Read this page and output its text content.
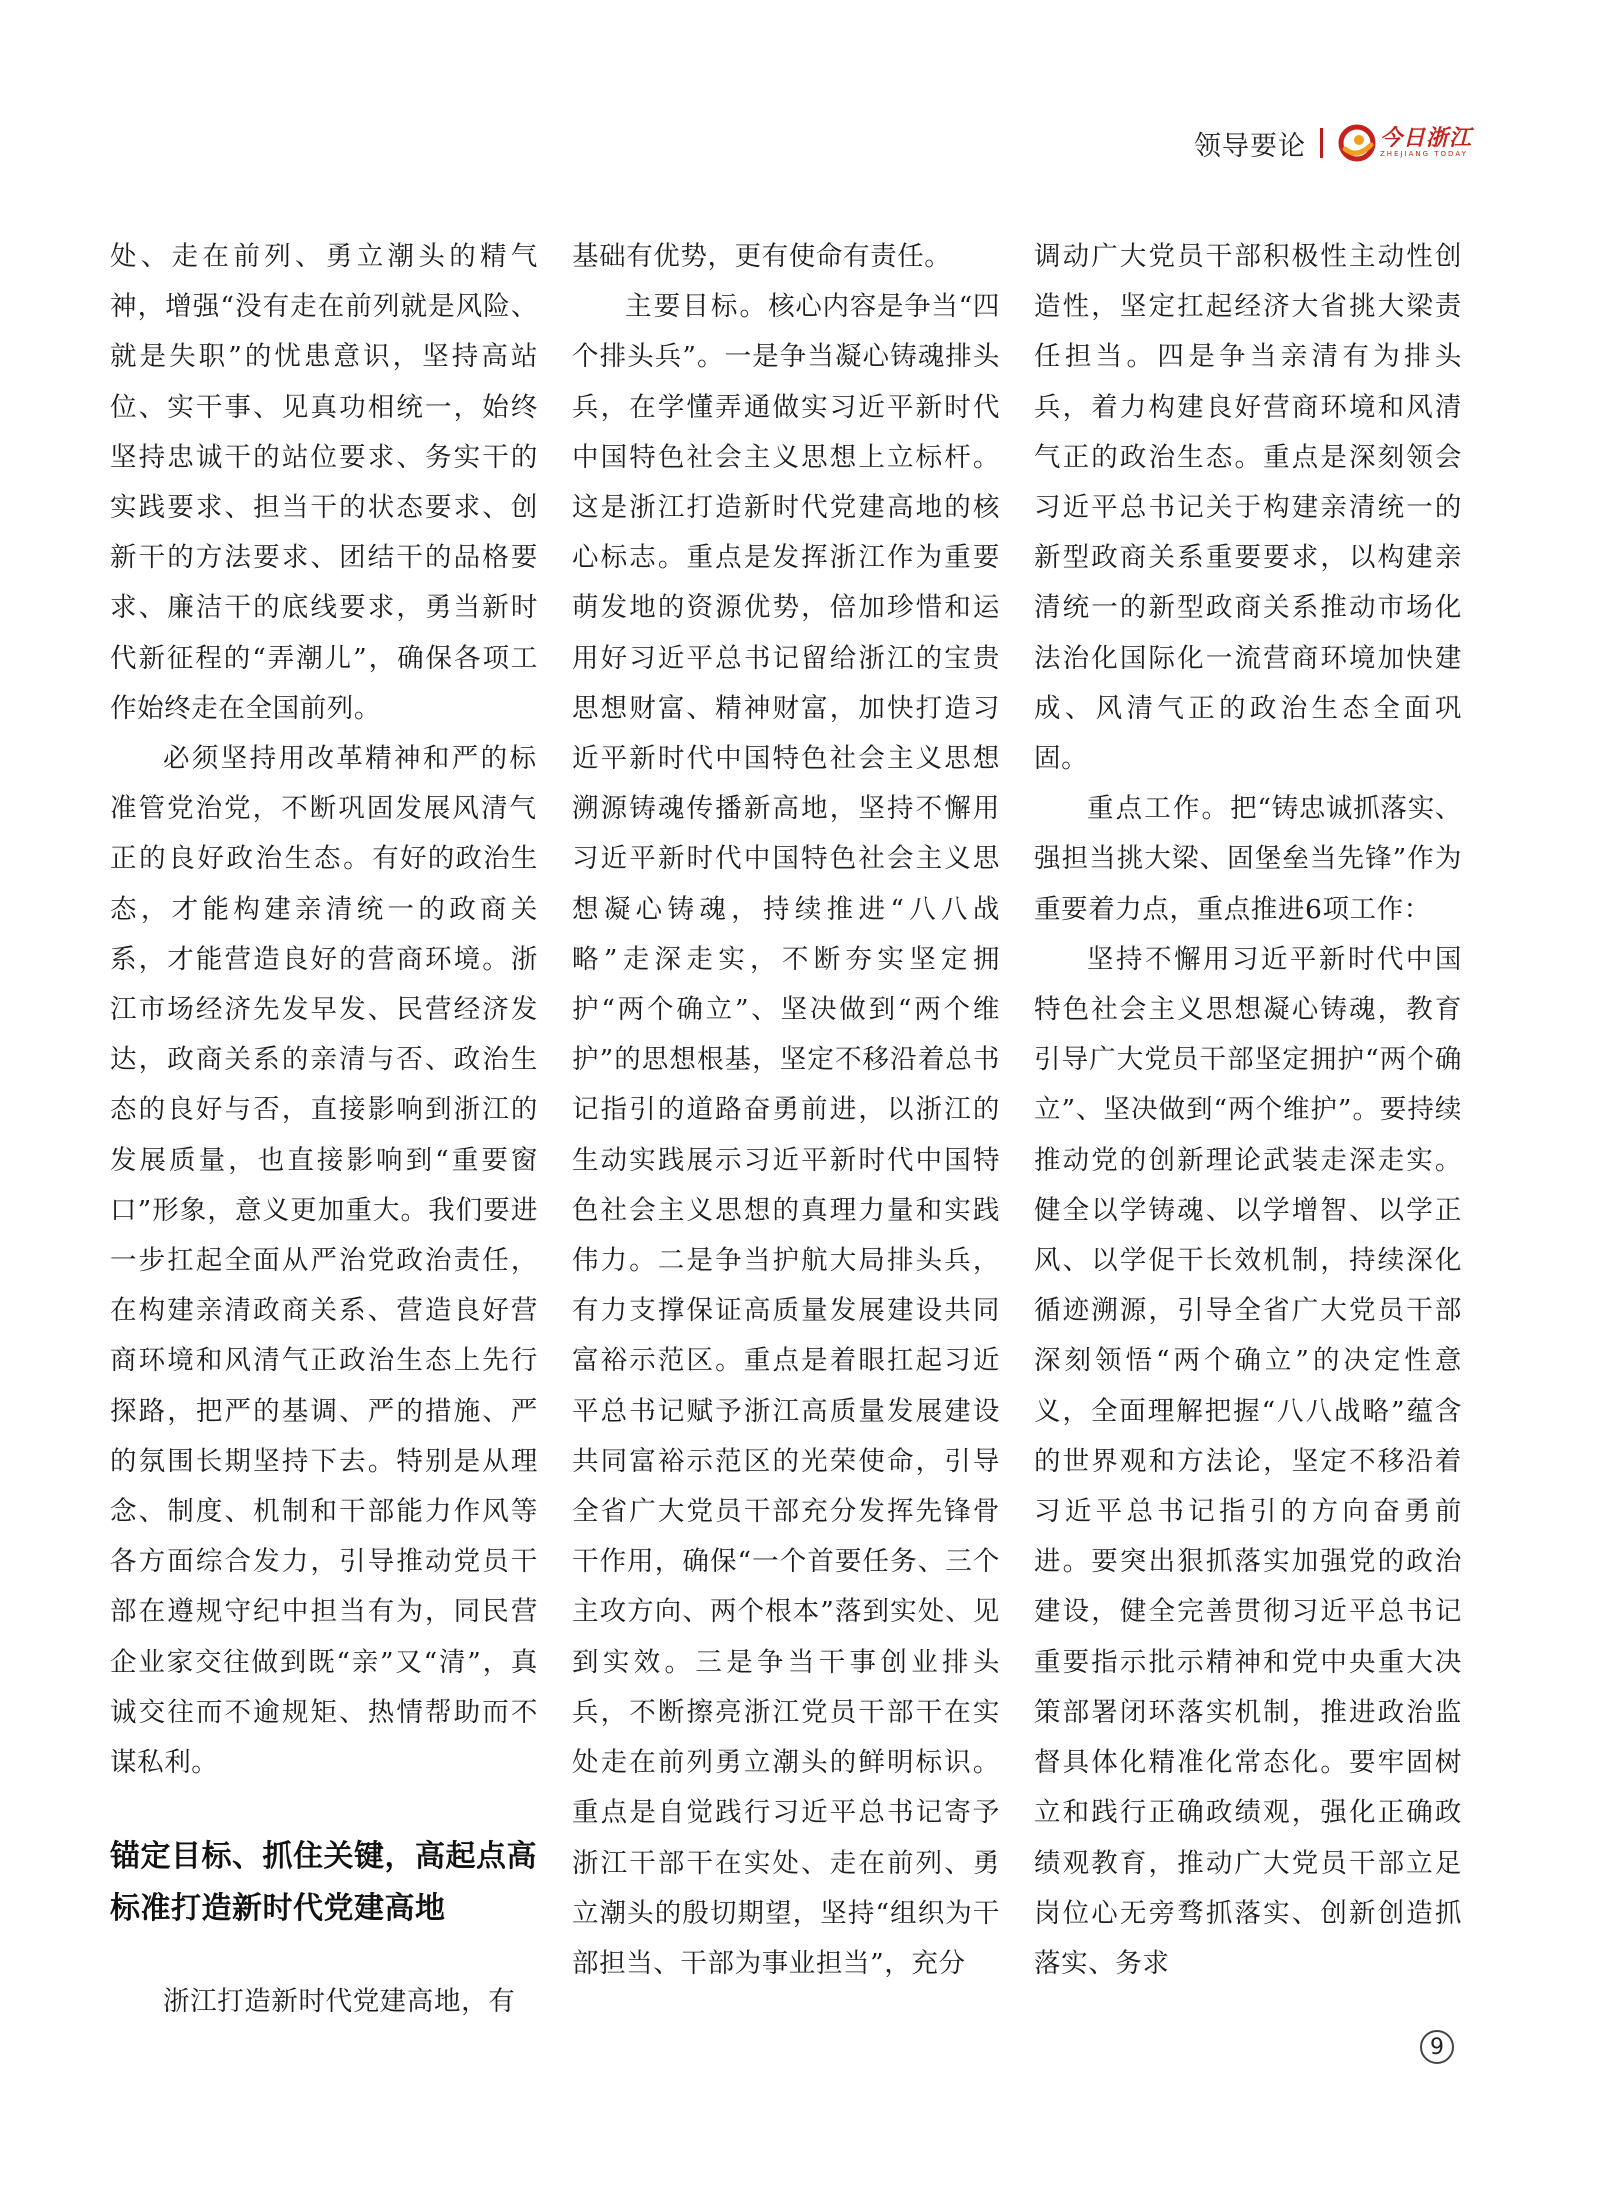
领导要论	今日浙江
ZHEJIANG TODAY

处、走在前列、勇立潮头的精气神，增强“没有走在前列就是风险、就是失职”的忧患意识，坚持高站位、实干事、见真功相统一，始终坚持忠诚干的站位要求、务实干的实践要求、担当干的状态要求、创新干的方法要求、团结干的品格要求、廉洁干的底线要求，勇当新时代新征程的“弄潮儿”，确保各项工作始终走在全国前列。

必须坚持用改革精神和严的标准管党治党，不断巩固发展风清气正的良好政治生态。有好的政治生态，才能构建亲清统一的政商关系，才能营造良好的营商环境。浙江市场经济先发早发、民营经济发达，政商关系的亲清与否、政治生态的良好与否，直接影响到浙江的发展质量，也直接影响到“重要窗口”形象，意义更加重大。我们要进一步扛起全面从严治党政治责任，在构建亲清政商关系、营造良好营商环境和风清气正政治生态上先行探路，把严的基调、严的措施、严的氛围长期坚持下去。特别是从理念、制度、机制和干部能力作风等各方面综合发力，引导推动党员干部在遵规守纪中担当有为，同民营企业家交往做到既“亲”又“清”，真诚交往而不逾规矩、热情帮助而不谋私利。

锚定目标、抓住关键，高起点高标准打造新时代党建高地

浙江打造新时代党建高地，有

基础有优势，更有使命有责任。

主要目标。核心内容是争当“四个排头兵”。一是争当凝心铸魂排头兵，在学懂弄通做实习近平新时代中国特色社会主义思想上立标杆。这是浙江打造新时代党建高地的核心标志。重点是发挥浙江作为重要萌发地的资源优势，倍加珍惜和运用好习近平总书记留给浙江的宝贵思想财富、精神财富，加快打造习近平新时代中国特色社会主义思想溯源铸魂传播新高地，坚持不懈用习近平新时代中国特色社会主义思想凝心铸魂，持续推进“八八战略”走深走实，不断夯实坚定拥护“两个确立”、坚决做到“两个维护”的思想根基，坚定不移沿着总书记指引的道路奋勇前进，以浙江的生动实践展示习近平新时代中国特色社会主义思想的真理力量和实践伟力。二是争当护航大局排头兵，有力支撑保证高质量发展建设共同富裕示范区。重点是着眼扛起习近平总书记赋予浙江高质量发展建设共同富裕示范区的光荣使命，引导全省广大党员干部充分发挥先锋骨干作用，确保“一个首要任务、三个主攻方向、两个根本”落到实处、见到实效。三是争当干事创业排头兵，不断擦亮浙江党员干部干在实处走在前列勇立潮头的鲜明标识。重点是自觉践行习近平总书记寄予浙江干部干在实处、走在前列、勇立潮头的殷切期望，坚持“组织为干部担当、干部为事业担当”，充分

调动广大党员干部积极性主动性创造性，坚定扛起经济大省挑大梁责任担当。四是争当亲清有为排头兵，着力构建良好营商环境和风清气正的政治生态。重点是深刻领会习近平总书记关于构建亲清统一的新型政商关系重要要求，以构建亲清统一的新型政商关系推动市场化法治化国际化一流营商环境加快建成、风清气正的政治生态全面巩固。

重点工作。把“铸忠诚抓落实、强担当挑大梁、固堡垒当先锋”作为重要着力点，重点推进6项工作：

坚持不懈用习近平新时代中国特色社会主义思想凝心铸魂，教育引导广大党员干部坚定拥护“两个确立”、坚决做到“两个维护”。要持续推动党的创新理论武装走深走实。健全以学铸魂、以学增智、以学正风、以学促干长效机制，持续深化循迹溯源，引导全省广大党员干部深刻领悟“两个确立”的决定性意义，全面理解把握“八八战略”蕴含的世界观和方法论，坚定不移沿着习近平总书记指引的方向奋勇前进。要突出狠抓落实加强党的政治建设，健全完善贯彻习近平总书记重要指示批示精神和党中央重大决策部署闭环落实机制，推进政治监督具体化精准化常态化。要牢固树立和践行正确政绩观，强化正确政绩观教育，推动广大党员干部立足岗位心无旁骛抓落实、创新创造抓落实、务求

9
